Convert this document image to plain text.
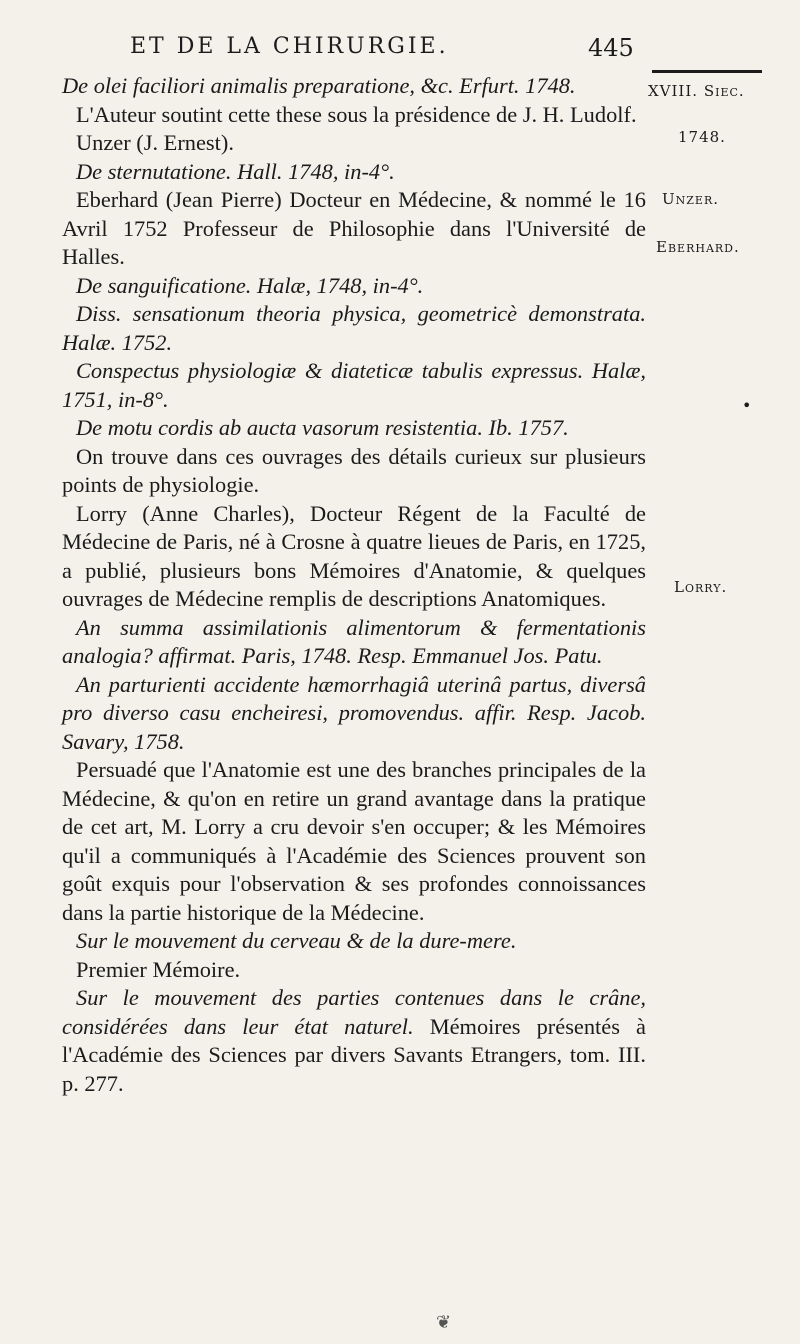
ET DE LA CHIRURGIE.	445
XVIII. Siec.
1748.
Unzer.
Eberhard.
Lorry.
•

De olei faciliori animalis preparatione, &c. Erfurt. 1748.

L'Auteur soutint cette these sous la présidence de J. H. Ludolf.

Unzer (J. Ernest).

De sternutatione. Hall. 1748, in-4°.

Eberhard (Jean Pierre) Docteur en Médecine, & nommé le 16 Avril 1752 Professeur de Philosophie dans l'Université de Halles.

De sanguificatione. Halæ, 1748, in-4°.

Diss. sensationum theoria physica, geometricè demonstrata. Halæ. 1752.

Conspectus physiologiæ & diateticæ tabulis expressus. Halæ, 1751, in-8°.

De motu cordis ab aucta vasorum resistentia. Ib. 1757.

On trouve dans ces ouvrages des détails curieux sur plusieurs points de physiologie.

Lorry (Anne Charles), Docteur Régent de la Faculté de Médecine de Paris, né à Crosne à quatre lieues de Paris, en 1725, a publié, plusieurs bons Mémoires d'Anatomie, & quelques ouvrages de Médecine remplis de descriptions Anatomiques.

An summa assimilationis alimentorum & fermentationis analogia? affirmat. Paris, 1748. Resp. Emmanuel Jos. Patu.

An parturienti accidente hæmorrhagiâ uterinâ partus, diversâ pro diverso casu encheiresi, promovendus. affir. Resp. Jacob. Savary, 1758.

Persuadé que l'Anatomie est une des branches principales de la Médecine, & qu'on en retire un grand avantage dans la pratique de cet art, M. Lorry a cru devoir s'en occuper; & les Mémoires qu'il a communiqués à l'Académie des Sciences prouvent son goût exquis pour l'observation & ses profondes connoissances dans la partie historique de la Médecine.

Sur le mouvement du cerveau & de la dure-mere.

Premier Mémoire.

Sur le mouvement des parties contenues dans le crâne, considérées dans leur état naturel. Mémoires présentés à l'Académie des Sciences par divers Savants Etrangers, tom. III. p. 277.

❦
